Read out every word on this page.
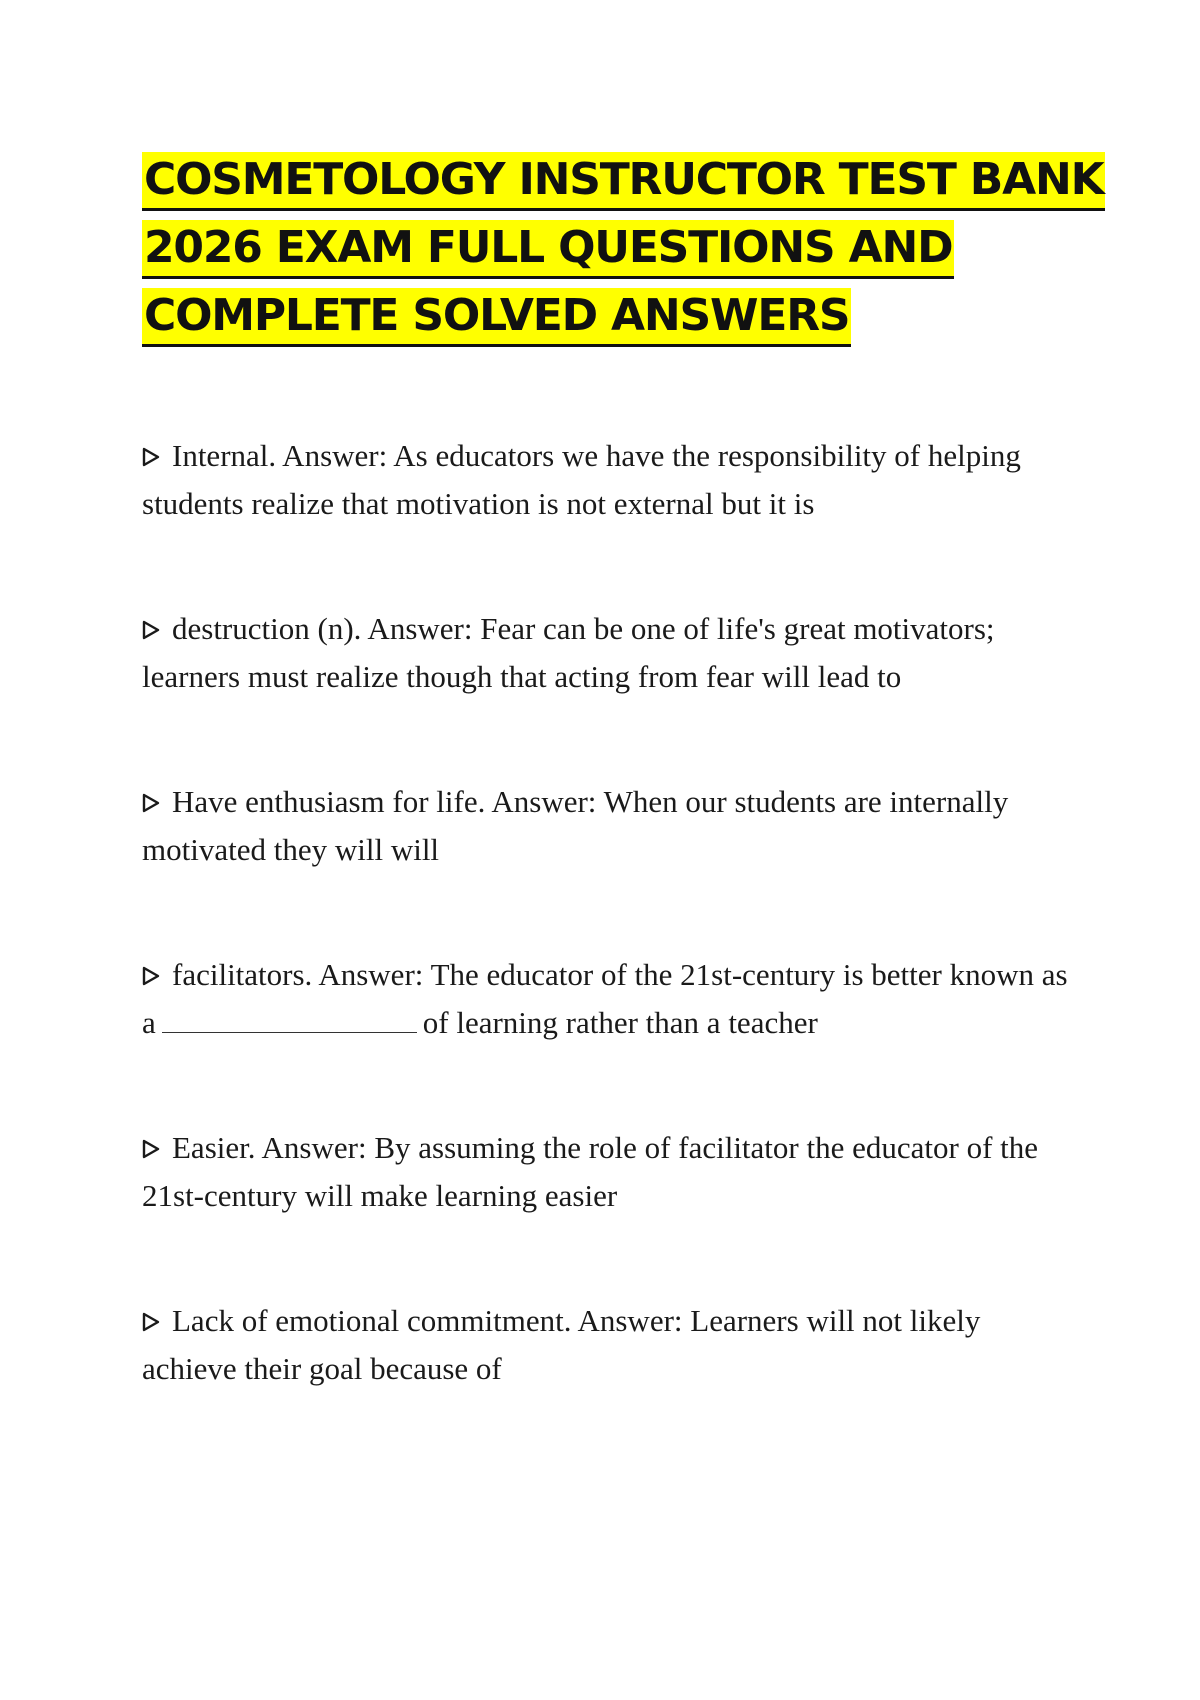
COSMETOLOGY INSTRUCTOR TEST BANK
2026 EXAM FULL QUESTIONS AND
COMPLETE SOLVED ANSWERS
Internal. Answer: As educators we have the responsibility of helping students realize that motivation is not external but it is
destruction (n). Answer: Fear can be one of life's great motivators; learners must realize though that acting from fear will lead to
Have enthusiasm for life. Answer: When our students are internally motivated they will will
facilitators. Answer: The educator of the 21st-century is better known as a	of learning rather than a teacher
Easier. Answer: By assuming the role of facilitator the educator of the 21st-century will make learning easier
Lack of emotional commitment. Answer: Learners will not likely achieve their goal because of
